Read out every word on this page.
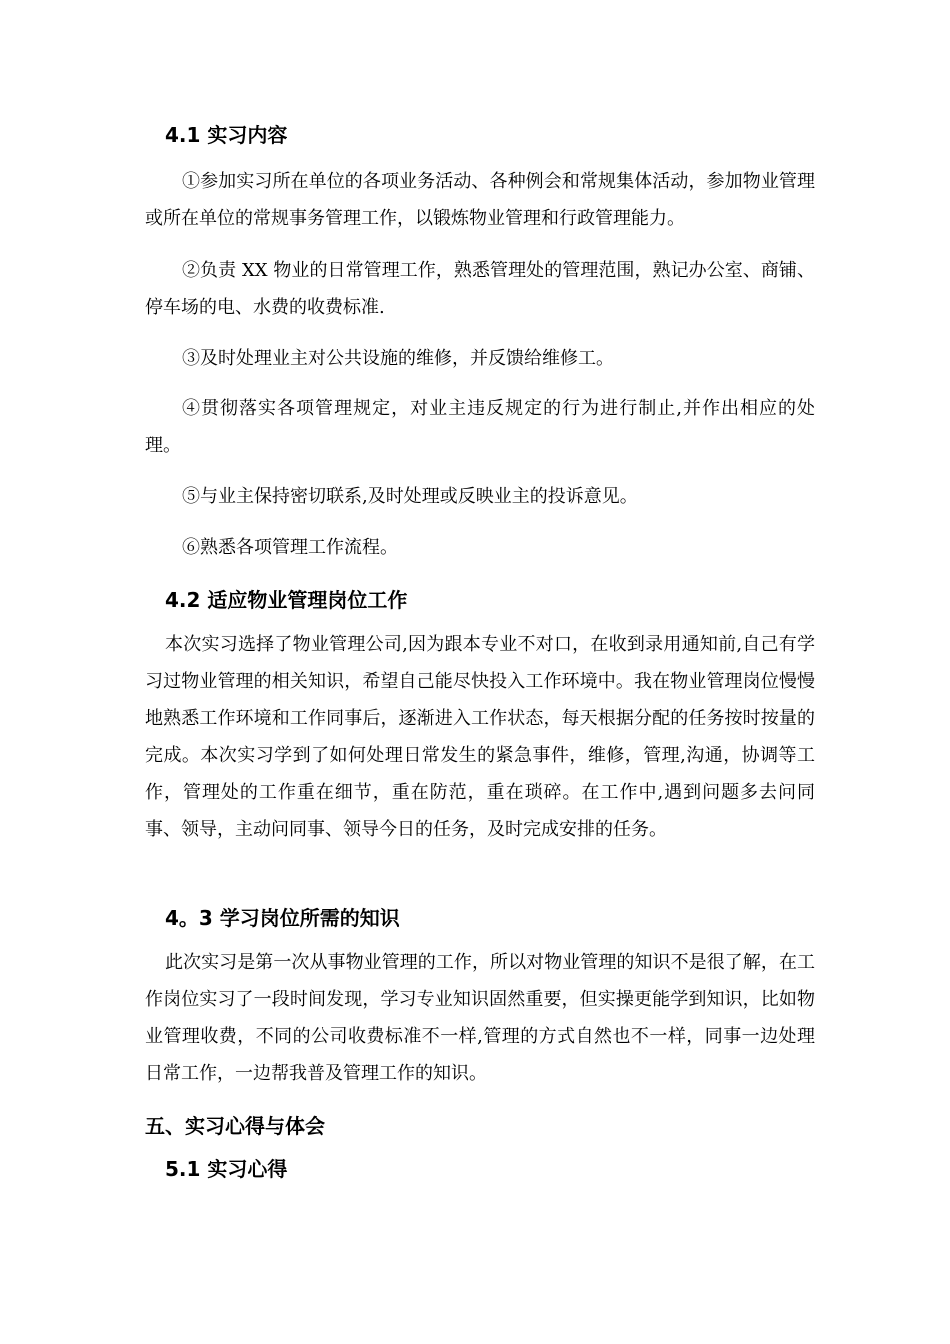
4.1 实习内容

①参加实习所在单位的各项业务活动、各种例会和常规集体活动，参加物业管理或所在单位的常规事务管理工作，以锻炼物业管理和行政管理能力。

②负责 XX 物业的日常管理工作，熟悉管理处的管理范围，熟记办公室、商铺、停车场的电、水费的收费标准.

③及时处理业主对公共设施的维修，并反馈给维修工。

④贯彻落实各项管理规定，对业主违反规定的行为进行制止,并作出相应的处理。

⑤与业主保持密切联系,及时处理或反映业主的投诉意见。

⑥熟悉各项管理工作流程。

4.2 适应物业管理岗位工作

本次实习选择了物业管理公司,因为跟本专业不对口，在收到录用通知前,自己有学习过物业管理的相关知识，希望自己能尽快投入工作环境中。我在物业管理岗位慢慢地熟悉工作环境和工作同事后，逐渐进入工作状态，每天根据分配的任务按时按量的完成。本次实习学到了如何处理日常发生的紧急事件，维修，管理,沟通，协调等工作，管理处的工作重在细节，重在防范，重在琐碎。在工作中,遇到问题多去问同事、领导，主动问同事、领导今日的任务，及时完成安排的任务。

4。3 学习岗位所需的知识

此次实习是第一次从事物业管理的工作，所以对物业管理的知识不是很了解，在工作岗位实习了一段时间发现，学习专业知识固然重要，但实操更能学到知识，比如物业管理收费，不同的公司收费标准不一样,管理的方式自然也不一样，同事一边处理日常工作，一边帮我普及管理工作的知识。

五、实习心得与体会
5.1 实习心得
